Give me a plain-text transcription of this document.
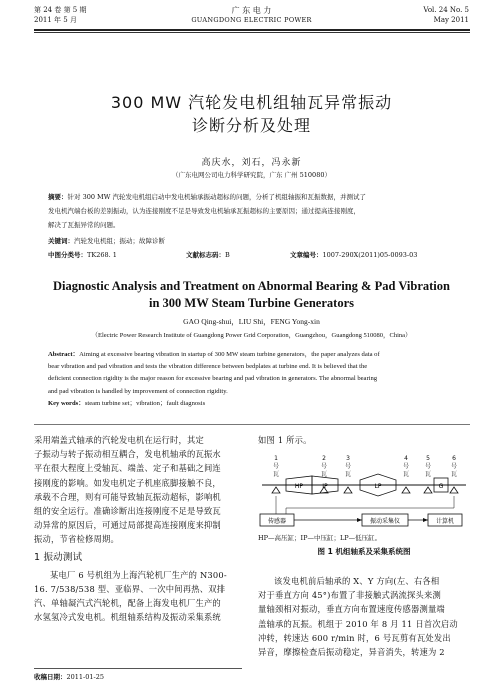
第 24 卷 第 5 期
2011 年 5 月
广 东 电 力
GUANGDONG ELECTRIC POWER
Vol. 24 No. 5
May 2011
300 MW 汽轮发电机组轴瓦异常振动
诊断分析及处理
高庆水，刘石，冯永新
（广东电网公司电力科学研究院，广东 广州 510080）
摘要：针对 300 MW 汽轮发电机组启动中发电机轴承振动超标的问题，分析了机组轴振和瓦振数据，并测试了
发电机汽端台板的差别振动，认为连接刚度不足是导致发电机轴承瓦振超标的主要原因；通过提高连接刚度，
解决了瓦振异常的问题。
关键词：汽轮发电机组；振动；故障诊断
中图分类号：TK268. 1	文献标志码：B	文章编号：1007-290X(2011)05-0093-03
Diagnostic Analysis and Treatment on Abnormal Bearing & Pad Vibration
in 300 MW Steam Turbine Generators
GAO Qing-shui，LIU Shi，FENG Yong-xin
（Electric Power Research Institute of Guangdong Power Grid Corporation，Guangzhou，Guangdong 510080，China）
Abstract：Aiming at excessive bearing vibration in startup of 300 MW steam turbine generators，the paper analyzes data of
bear vibration and pad vibration and tests the vibration difference between bedplates at turbine end. It is believed that the
deficient connection rigidity is the major reason for excessive bearing and pad vibration in generators. The abnormal bearing
and pad vibration is handled by improvement of connection rigidity.
Key words：steam turbine set；vibration；fault diagnosis
采用端盖式轴承的汽轮发电机在运行时，其定
子振动与转子振动相互耦合，发电机轴承的瓦振水
平在很大程度上受轴瓦、端盖、定子和基础之间连
接刚度的影响。如发电机定子机座底脚接触不良，
承载不合理，则有可能导致轴瓦振动超标，影响机
组的安全运行。准确诊断出连接刚度不足是导致瓦
动异常的原因后，可通过局部提高连接刚度来抑制
振动，节省检修周期。
1 振动测试
某电厂 6 号机组为上海汽轮机厂生产的 N300-
16. 7/538/538 型、亚临界、一次中间再热、双排
汽、单轴凝汽式汽轮机，配备上海发电机厂生产的
水氢氢冷式发电机。机组轴系结构及振动采集系统
收稿日期：2011-01-25
如图 1 所示。
1
号
瓦
2
号
瓦
3
号
瓦
4
号
瓦
5
号
瓦
6
号
瓦
HP	IP	LP	G
传感器	振动采集仪	计算机
HP—高压缸；IP—中压缸；LP—低压缸。
图 1 机组轴系及采集系统图
该发电机前后轴承的 X、Y 方向(左、右各相
对于垂直方向 45°)布置了非接触式涡流探头来测
量轴颈相对振动，垂直方向布置速度传感器测量端
盖轴承的瓦振。机组于 2010 年 8 月 11 日首次启动
冲转，转速达 600 r/min 时，6 号瓦剪有瓦处发出
异音，摩擦检查后振动稳定，异音消失，转速为 2
